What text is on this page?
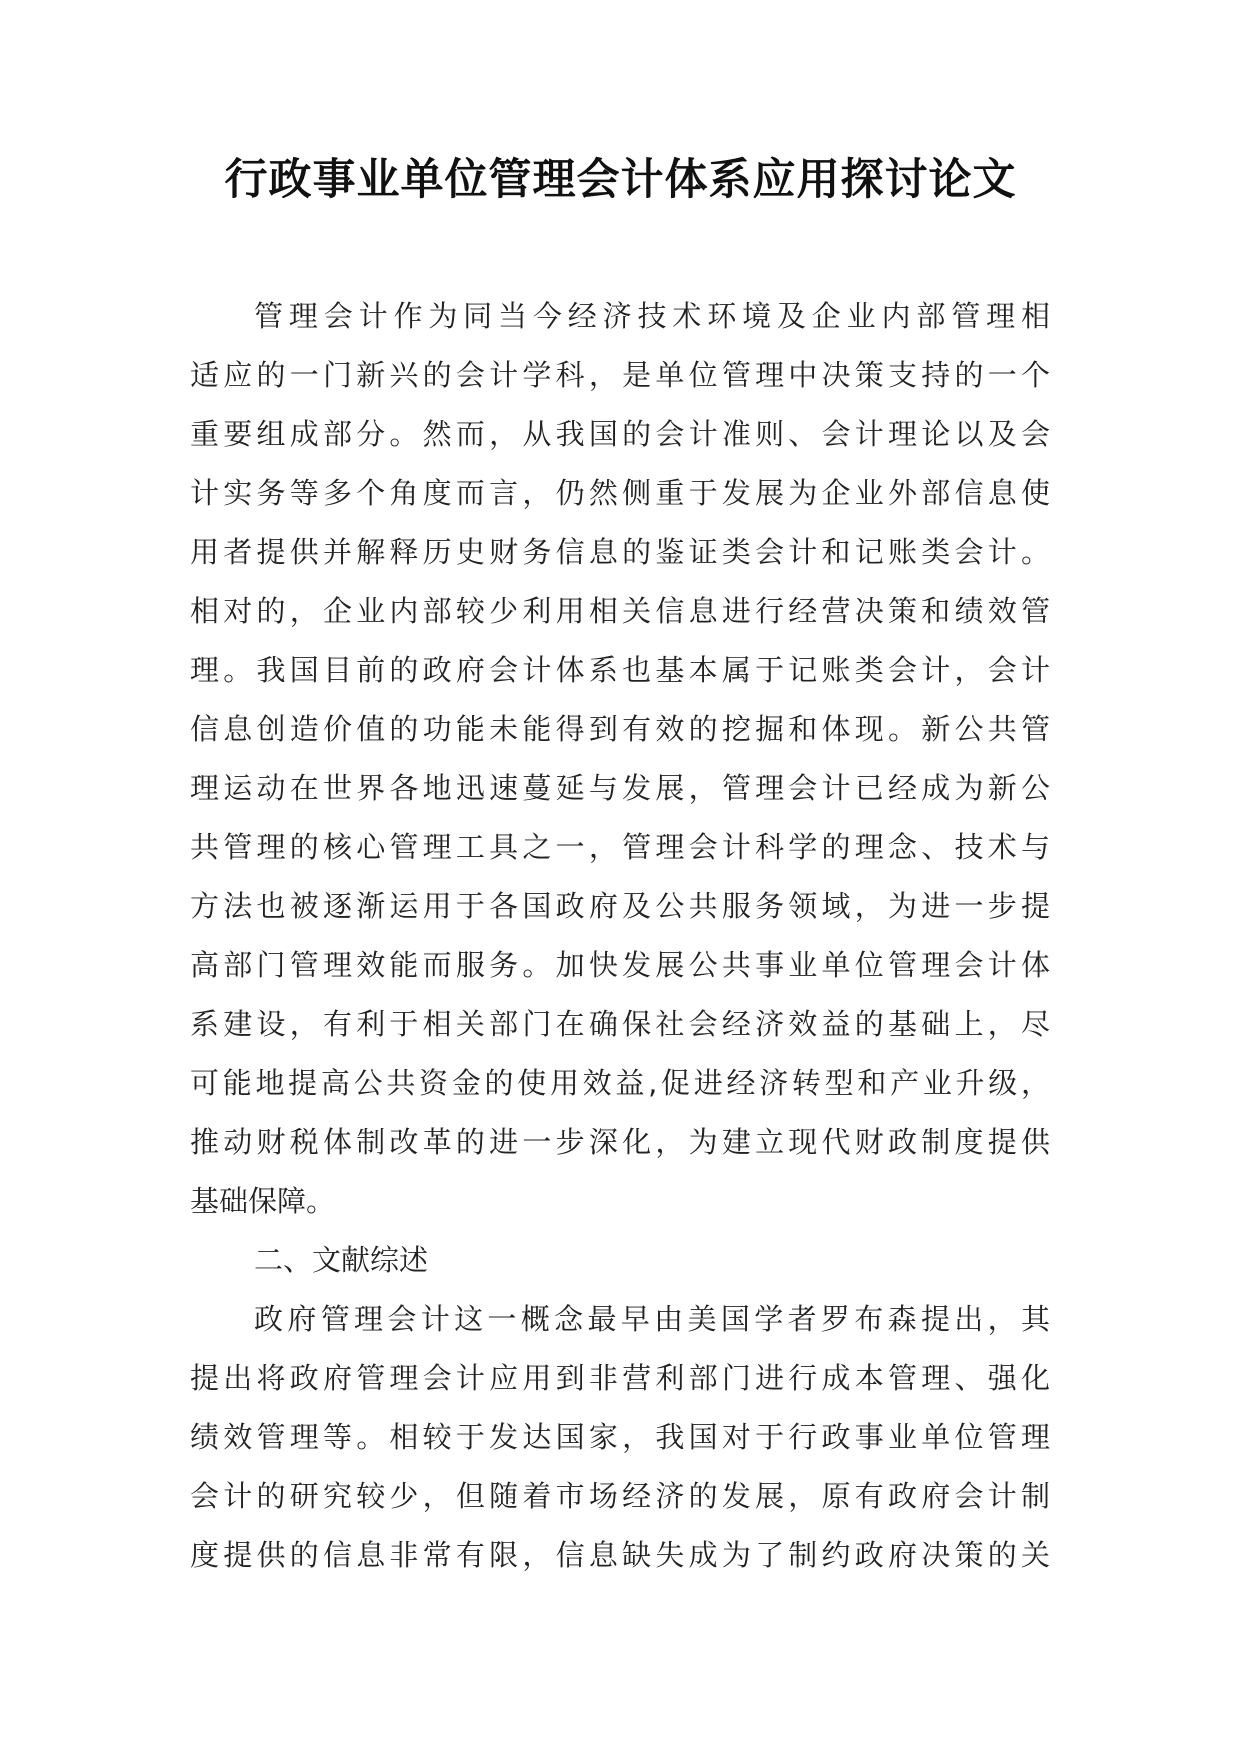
行政事业单位管理会计体系应用探讨论文
管理会计作为同当今经济技术环境及企业内部管理相
适应的一门新兴的会计学科，是单位管理中决策支持的一个
重要组成部分。然而，从我国的会计准则、会计理论以及会
计实务等多个角度而言，仍然侧重于发展为企业外部信息使
用者提供并解释历史财务信息的鉴证类会计和记账类会计。
相对的，企业内部较少利用相关信息进行经营决策和绩效管
理。我国目前的政府会计体系也基本属于记账类会计，会计
信息创造价值的功能未能得到有效的挖掘和体现。新公共管
理运动在世界各地迅速蔓延与发展，管理会计已经成为新公
共管理的核心管理工具之一，管理会计科学的理念、技术与
方法也被逐渐运用于各国政府及公共服务领域，为进一步提
高部门管理效能而服务。加快发展公共事业单位管理会计体
系建设，有利于相关部门在确保社会经济效益的基础上，尽
可能地提高公共资金的使用效益,促进经济转型和产业升级，
推动财税体制改革的进一步深化，为建立现代财政制度提供
基础保障。
二、文献综述
政府管理会计这一概念最早由美国学者罗布森提出，其
提出将政府管理会计应用到非营利部门进行成本管理、强化
绩效管理等。相较于发达国家，我国对于行政事业单位管理
会计的研究较少，但随着市场经济的发展，原有政府会计制
度提供的信息非常有限，信息缺失成为了制约政府决策的关
